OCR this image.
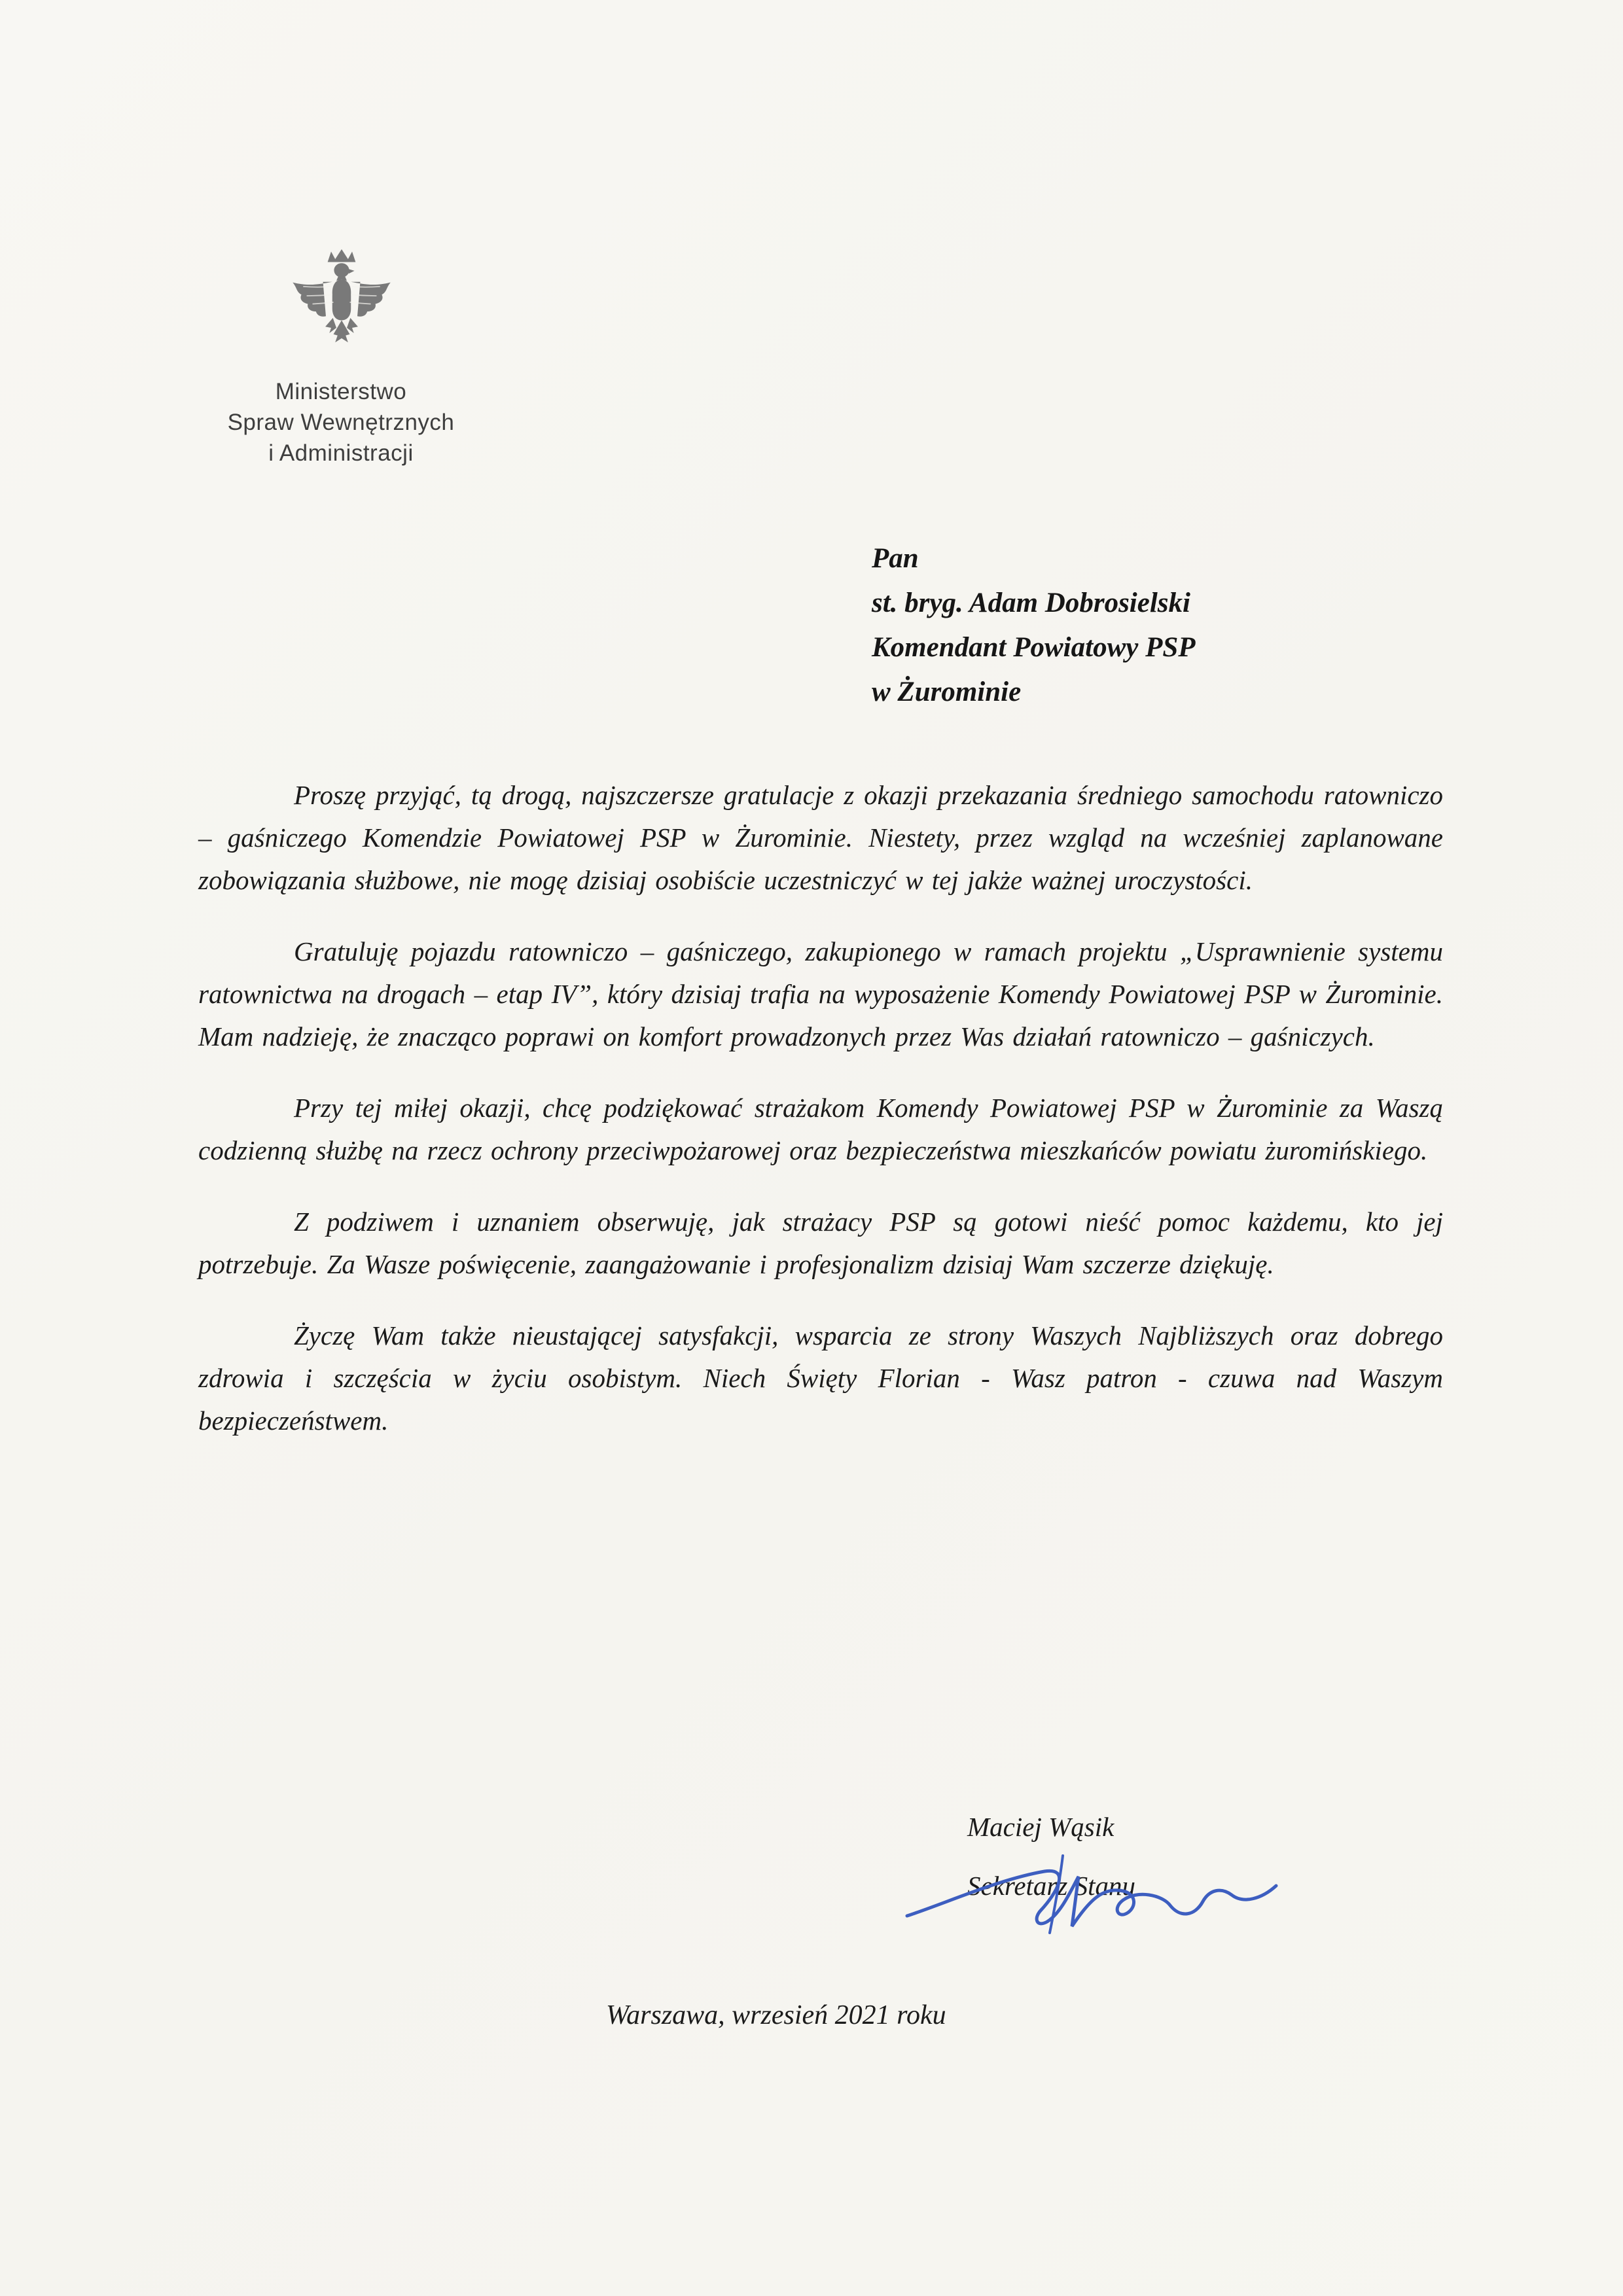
Ministerstwo
Spraw Wewnętrznych
i Administracji
Pan
st. bryg. Adam Dobrosielski
Komendant Powiatowy PSP
w Żurominie

Proszę przyjąć, tą drogą, najszczersze gratulacje z okazji przekazania średniego samochodu ratowniczo – gaśniczego Komendzie Powiatowej PSP w Żurominie. Niestety, przez wzgląd na wcześniej zaplanowane zobowiązania służbowe, nie mogę dzisiaj osobiście uczestniczyć w tej jakże ważnej uroczystości.

Gratuluję pojazdu ratowniczo – gaśniczego, zakupionego w ramach projektu „Usprawnienie systemu ratownictwa na drogach – etap IV”, który dzisiaj trafia na wyposażenie Komendy Powiatowej PSP w Żurominie. Mam nadzieję, że znacząco poprawi on komfort prowadzonych przez Was działań ratowniczo – gaśniczych.

Przy tej miłej okazji, chcę podziękować strażakom Komendy Powiatowej PSP w Żurominie za Waszą codzienną służbę na rzecz ochrony przeciwpożarowej oraz bezpieczeństwa mieszkańców powiatu żuromińskiego.

Z podziwem i uznaniem obserwuję, jak strażacy PSP są gotowi nieść pomoc każdemu, kto jej potrzebuje. Za Wasze poświęcenie, zaangażowanie i profesjonalizm dzisiaj Wam szczerze dziękuję.

Życzę Wam także nieustającej satysfakcji, wsparcia ze strony Waszych Najbliższych oraz dobrego zdrowia i szczęścia w życiu osobistym. Niech Święty Florian - Wasz patron - czuwa nad Waszym bezpieczeństwem.

Maciej Wąsik
Sekretarz Stanu
Warszawa, wrzesień 2021 roku
